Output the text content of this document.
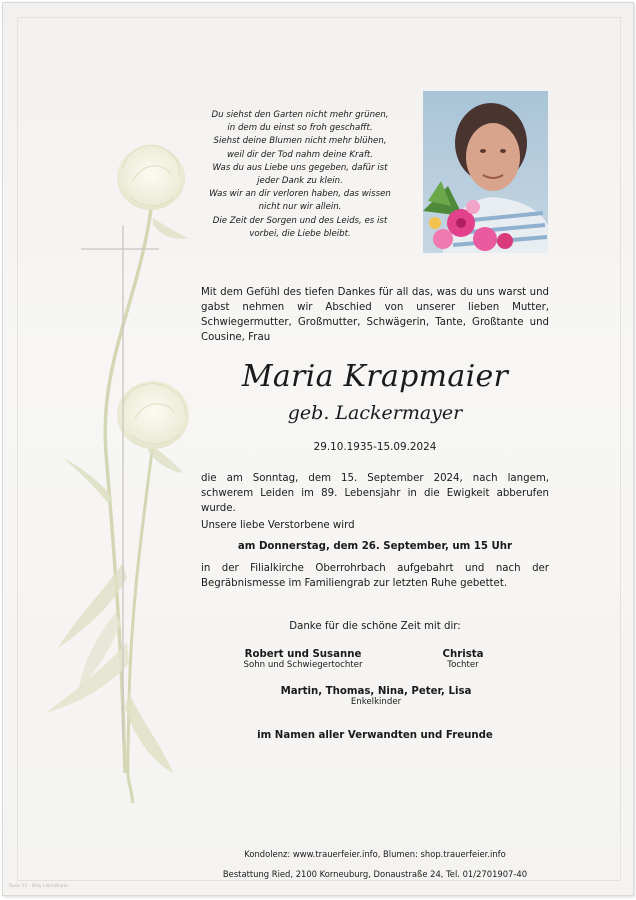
Du siehst den Garten nicht mehr grünen,
in dem du einst so froh geschafft.
Siehst deine Blumen nicht mehr blühen,
weil dir der Tod nahm deine Kraft.
Was du aus Liebe uns gegeben, dafür ist
jeder Dank zu klein.
Was wir an dir verloren haben, das wissen
nicht nur wir allein.
Die Zeit der Sorgen und des Leids, es ist
vorbei, die Liebe bleibt.
Mit dem Gefühl des tiefen Dankes für all das, was du uns warst und gabst nehmen wir Abschied von unserer lieben Mutter, Schwiegermutter, Großmutter, Schwägerin, Tante, Großtante und Cousine, Frau
Maria Krapmaier
geb. Lackermayer
29.10.1935-15.09.2024
die am Sonntag, dem 15. September 2024, nach langem, schwerem Leiden im 89. Lebensjahr in die Ewigkeit abberufen wurde.
Unsere liebe Verstorbene wird
am Donnerstag, dem 26. September, um 15 Uhr
in der Filialkirche Oberrohrbach aufgebahrt und nach der Begräbnismesse im Familiengrab zur letzten Ruhe gebettet.
Danke für die schöne Zeit mit dir:
Robert und Susanne
Sohn und Schwiegertochter
Christa
Tochter
Martin, Thomas, Nina, Peter, Lisa
Enkelkinder
im Namen aller Verwandten und Freunde
Kondolenz: www.trauerfeier.info, Blumen: shop.trauerfeier.info
Bestattung Ried, 2100 Korneuburg, Donaustraße 24, Tel. 01/2701907-40
Rose 11 - Billy Lisch/Karlo
